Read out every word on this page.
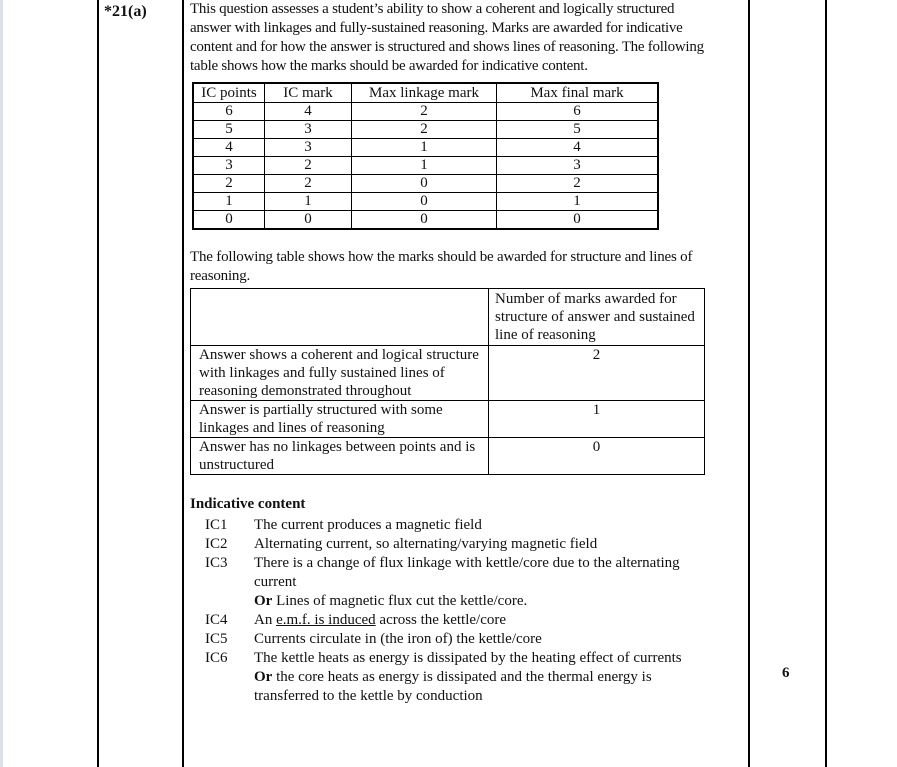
*21(a)	This question assesses a student’s ability to show a coherent and logically structured answer with linkages and fully-sustained reasoning. Marks are awarded for indicative content and for how the answer is structured and shows lines of reasoning. The following table shows how the marks should be awarded for indicative content.

IC points	IC mark	Max linkage mark	Max final mark
6	4	2	6
5	3	2	5
4	3	1	4
3	2	1	3
2	2	0	2
1	1	0	1
0	0	0	0
The following table shows how the marks should be awarded for structure and lines of reasoning.
	Number of marks awarded for structure of answer and sustained line of reasoning
Answer shows a coherent and logical structure with linkages and fully sustained lines of reasoning demonstrated throughout	2
Answer is partially structured with some linkages and lines of reasoning	1
Answer has no linkages between points and is unstructured	0
Indicative content
IC1	The current produces a magnetic field
IC2	Alternating current, so alternating/varying magnetic field
IC3	There is a change of flux linkage with kettle/core due to the alternating current
Or Lines of magnetic flux cut the kettle/core.
IC4	An e.m.f. is induced across the kettle/core
IC5	Currents circulate in (the iron of) the kettle/core
IC6	The kettle heats as energy is dissipated by the heating effect of currents
Or the core heats as energy is dissipated and the thermal energy is transferred to the kettle by conduction
6
